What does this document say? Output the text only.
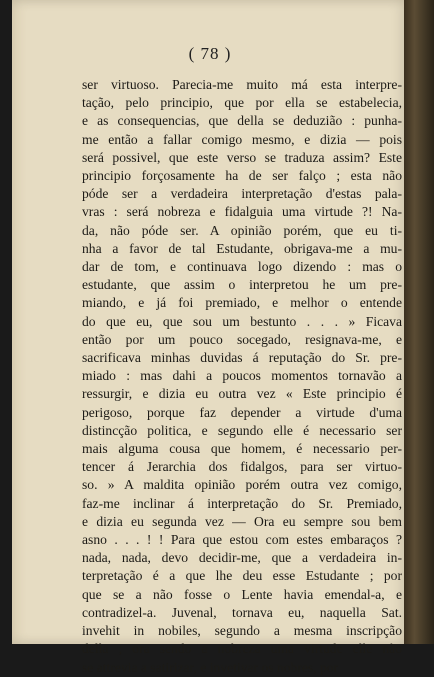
( 78 )
ser virtuoso. Parecia-me muito má esta interpre-
tação, pelo principio, que por ella se estabelecia,
e as consequencias, que della se deduzião : punha-
me então a fallar comigo mesmo, e dizia — pois
será possivel, que este verso se traduza assim? Este
principio forçosamente ha de ser falço ; esta não
póde ser a verdadeira interpretação d'estas pala-
vras : será nobreza e fidalguia uma virtude ?! Na-
da, não póde ser. A opinião porém, que eu ti-
nha a favor de tal Estudante, obrigava-me a mu-
dar de tom, e continuava logo dizendo : mas o
estudante, que assim o interpretou he um pre-
miando, e já foi premiado, e melhor o entende
do que eu, que sou um bestunto . . . » Ficava
então por um pouco socegado, resignava-me, e
sacrificava minhas duvidas á reputação do Sr. pre-
miado : mas dahi a poucos momentos tornavão a
ressurgir, e dizia eu outra vez « Este principio é
perigoso, porque faz depender a virtude d'uma
distincção politica, e segundo elle é necessario ser
mais alguma cousa que homem, é necessario per-
tencer á Jerarchia dos fidalgos, para ser virtuo-
so. » A maldita opinião porém outra vez comigo,
faz-me inclinar á interpretação do Sr. Premiado,
e dizia eu segunda vez — Ora eu sempre sou bem
asno . . . ! ! Para que estou com estes embaraços ?
nada, nada, devo decidir-me, que a verdadeira in-
terpretação é a que lhe deu esse Estudante ; por
que se a não fosse o Lente havia emendal-a, e
contradizel-a. Juvenal, tornava eu, naquella Sat.
invehit in nobiles, segundo a mesma inscripção
della ; ora sendo a nobreza uma virtude elle não
se attrevia a satirizar, e invetivar os nobres, por
